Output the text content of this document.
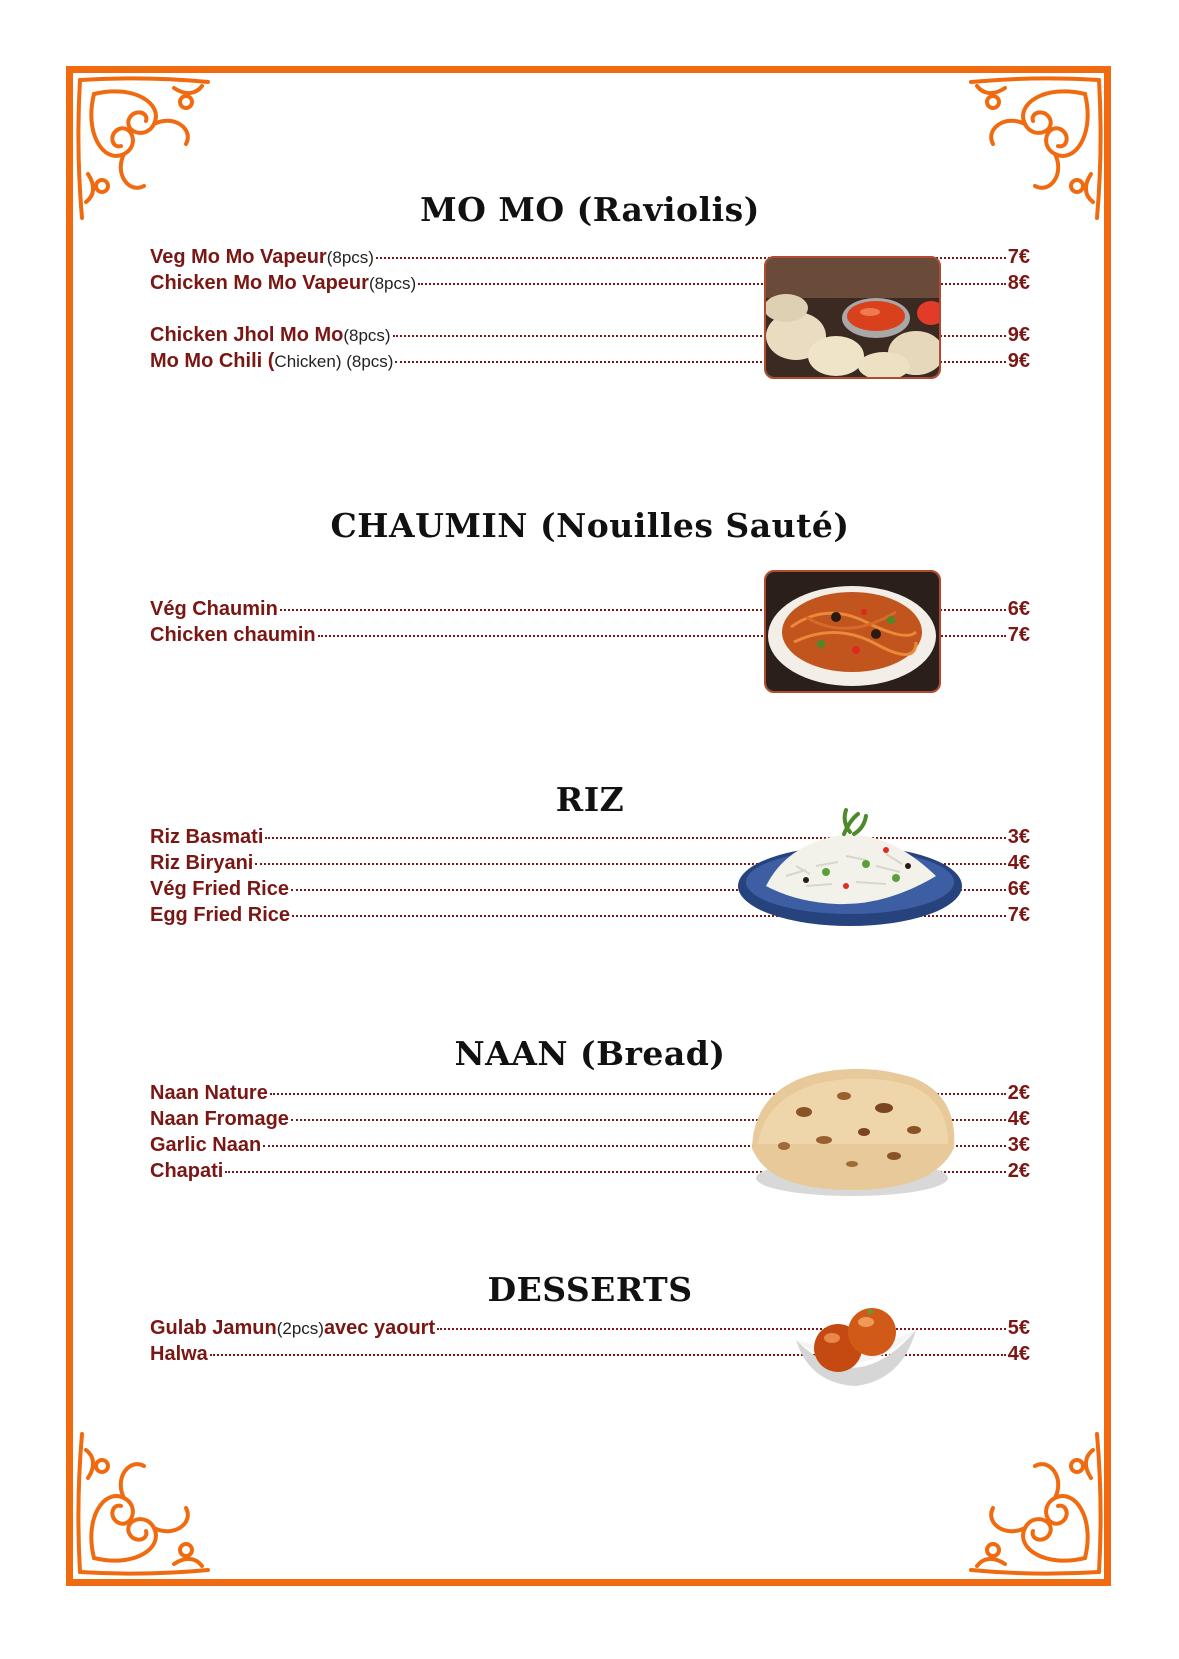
MO MO (Raviolis)
Veg Mo Mo Vapeur (8pcs)	7€
Chicken Mo Mo Vapeur (8pcs)	8€
Chicken Jhol Mo Mo (8pcs)	9€
Mo Mo Chili ( Chicken) (8pcs)	9€
CHAUMIN (Nouilles Sauté)
Vég Chaumin	6€
Chicken chaumin	7€
RIZ
Riz Basmati	3€
Riz Biryani	4€
Vég Fried Rice	6€
Egg Fried Rice	7€
NAAN (Bread)
Naan Nature	2€
Naan Fromage	4€
Garlic Naan	3€
Chapati	2€
DESSERTS
Gulab Jamun (2pcs) avec yaourt	5€
Halwa	4€
